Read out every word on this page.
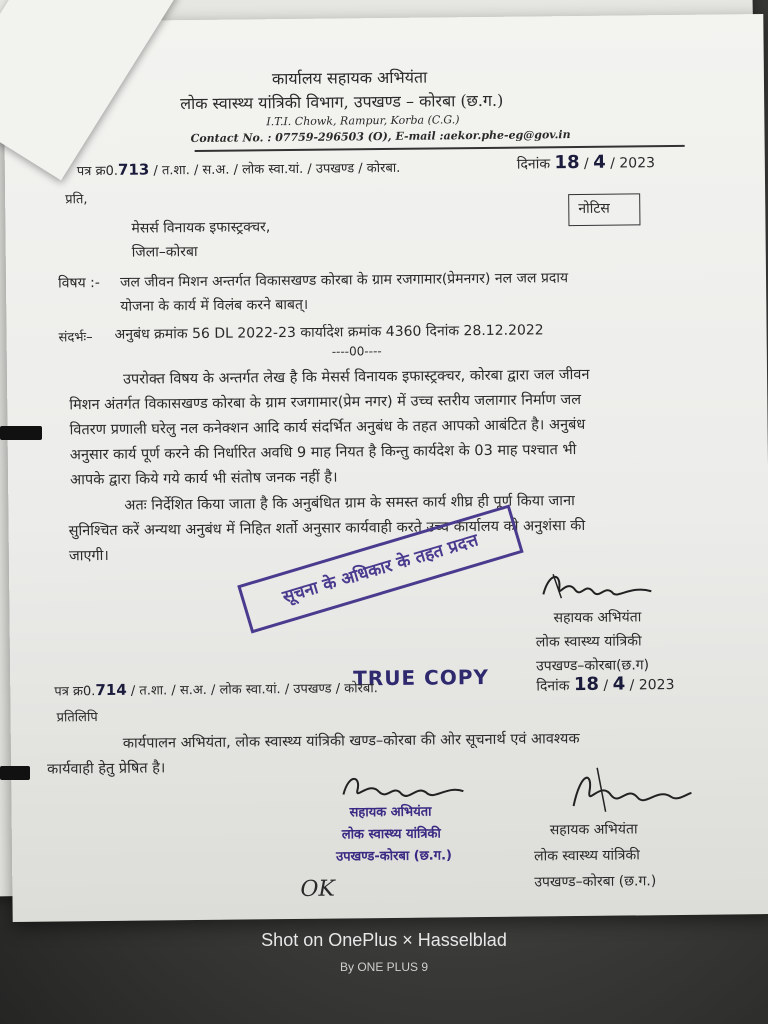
कार्यालय सहायक अभियंता
लोक स्वास्थ्य यांत्रिकी विभाग, उपखण्ड – कोरबा (छ.ग.)
I.T.I. Chowk, Rampur, Korba (C.G.)
Contact No. : 07759-296503 (O), E-mail :aekor.phe-eg@gov.in
पत्र क्र0.713 / त.शा. / स.अ. / लोक स्वा.यां. / उपखण्ड / कोरबा.	दिनांक 18 / 4 / 2023
प्रति,
मेसर्स विनायक इफास्ट्रक्चर,
जिला–कोरबा
नोटिस
विषय :- जल जीवन मिशन अन्तर्गत विकासखण्ड कोरबा के ग्राम रजगामार(प्रेमनगर) नल जल प्रदाय
योजना के कार्य में विलंब करने बाबत्।
संदर्भः– अनुबंध क्रमांक 56 DL 2022-23 कार्यादेश क्रमांक 4360 दिनांक 28.12.2022
----00----
उपरोक्त विषय के अन्तर्गत लेख है कि मेसर्स विनायक इफास्ट्रक्चर, कोरबा द्वारा जल जीवन
मिशन अंतर्गत विकासखण्ड कोरबा के ग्राम रजगामार(प्रेम नगर) में उच्च स्तरीय जलागार निर्माण जल
वितरण प्रणाली घरेलु नल कनेक्शन आदि कार्य संदर्भित अनुबंध के तहत आपको आबंटित है। अनुबंध
अनुसार कार्य पूर्ण करने की निर्धारित अवधि 9 माह नियत है किन्तु कार्यदेश के 03 माह पश्चात भी
आपके द्वारा किये गये कार्य भी संतोष जनक नहीं है।
अतः निर्देशित किया जाता है कि अनुबंधित ग्राम के समस्त कार्य शीघ्र ही पूर्ण किया जाना
सुनिश्चित करें अन्यथा अनुबंध में निहित शर्तो अनुसार कार्यवाही करते उच्च कार्यालय को अनुशंसा की
जाएगी।
सहायक अभियंता
लोक स्वास्थ्य यांत्रिकी
उपखण्ड–कोरबा(छ.ग)
सूचना के अधिकार के तहत प्रदत्त
TRUE COPY
पत्र क्र0.714 / त.शा. / स.अ. / लोक स्वा.यां. / उपखण्ड / कोरबा.	दिनांक 18 / 4 / 2023
प्रतिलिपि
कार्यपालन अभियंता, लोक स्वास्थ्य यांत्रिकी खण्ड–कोरबा की ओर सूचनार्थ एवं आवश्यक
कार्यवाही हेतु प्रेषित है।
सहायक अभियंता
लोक स्वास्थ्य यांत्रिकी
उपखण्ड-कोरबा (छ.ग.)
OK
सहायक अभियंता
लोक स्वास्थ्य यांत्रिकी
उपखण्ड–कोरबा (छ.ग.)
Shot on OnePlus × Hasselblad
By ONE PLUS 9
